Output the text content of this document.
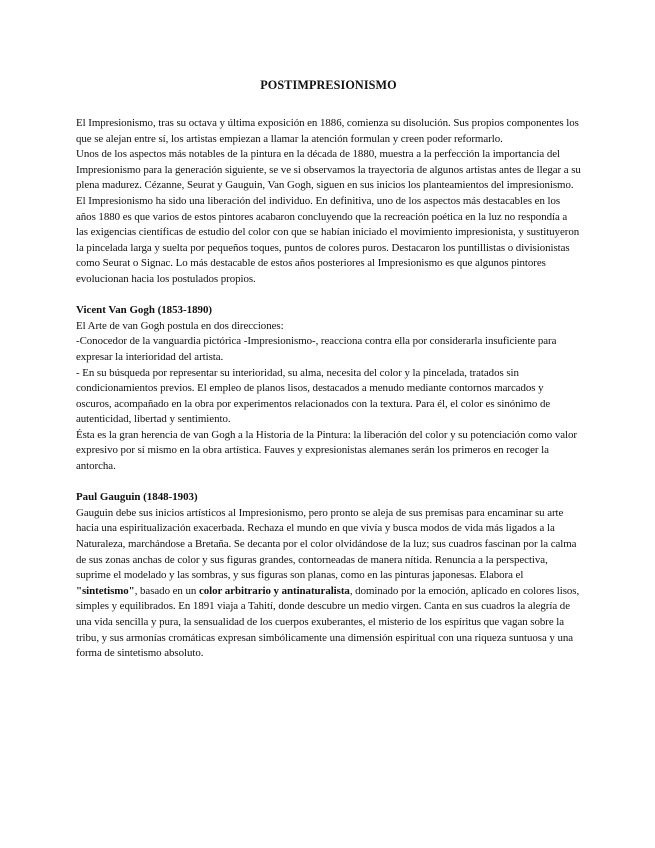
POSTIMPRESIONISMO

El Impresionismo, tras su octava y última exposición en 1886, comienza su disolución. Sus propios componentes los que se alejan entre sí, los artistas empiezan a llamar la atención formulan y creen poder reformarlo.

Unos de los aspectos más notables de la pintura en la década de 1880, muestra a la perfección la importancia del Impresionismo para la generación siguiente, se ve si observamos la trayectoria de algunos artistas antes de llegar a su plena madurez. Cézanne, Seurat y Gauguin, Van Gogh, siguen en sus inicios los planteamientos del impresionismo.

El Impresionismo ha sido una liberación del individuo. En definitiva, uno de los aspectos más destacables en los años 1880 es que varios de estos pintores acabaron concluyendo que la recreación poética en la luz no respondía a las exigencias científicas de estudio del color con que se habían iniciado el movimiento impresionista, y sustituyeron la pincelada larga y suelta por pequeños toques, puntos de colores puros. Destacaron los puntillistas o divisionistas como Seurat o Signac. Lo más destacable de estos años posteriores al Impresionismo es que algunos pintores evolucionan hacia los postulados propios.

Vicent Van Gogh (1853-1890)

El Arte de van Gogh postula en dos direcciones:

-Conocedor de la vanguardia pictórica -Impresionismo-, reacciona contra ella por considerarla insuficiente para expresar la interioridad del artista.

- En su búsqueda por representar su interioridad, su alma, necesita del color y la pincelada, tratados sin condicionamientos previos. El empleo de planos lisos, destacados a menudo mediante contornos marcados y oscuros, acompañado en la obra por experimentos relacionados con la textura. Para él, el color es sinónimo de autenticidad, libertad y sentimiento.

Ésta es la gran herencia de van Gogh a la Historia de la Pintura: la liberación del color y su potenciación como valor expresivo por sí mismo en la obra artística. Fauves y expresionistas alemanes serán los primeros en recoger la antorcha.

Paul Gauguin (1848-1903)

Gauguin debe sus inicios artísticos al Impresionismo, pero pronto se aleja de sus premisas para encaminar su arte hacia una espiritualización exacerbada. Rechaza el mundo en que vivía y busca modos de vida más ligados a la Naturaleza, marchándose a Bretaña. Se decanta por el color olvidándose de la luz; sus cuadros fascinan por la calma de sus zonas anchas de color y sus figuras grandes, contorneadas de manera nítida. Renuncia a la perspectiva, suprime el modelado y las sombras, y sus figuras son planas, como en las pinturas japonesas. Elabora el "sintetismo", basado en un color arbitrario y antinaturalista, dominado por la emoción, aplicado en colores lisos, simples y equilibrados. En 1891 viaja a Tahití, donde descubre un medio virgen. Canta en sus cuadros la alegría de una vida sencilla y pura, la sensualidad de los cuerpos exuberantes, el misterio de los espíritus que vagan sobre la tribu, y sus armonías cromáticas expresan simbólicamente una dimensión espiritual con una riqueza suntuosa y una forma de sintetismo absoluto.
